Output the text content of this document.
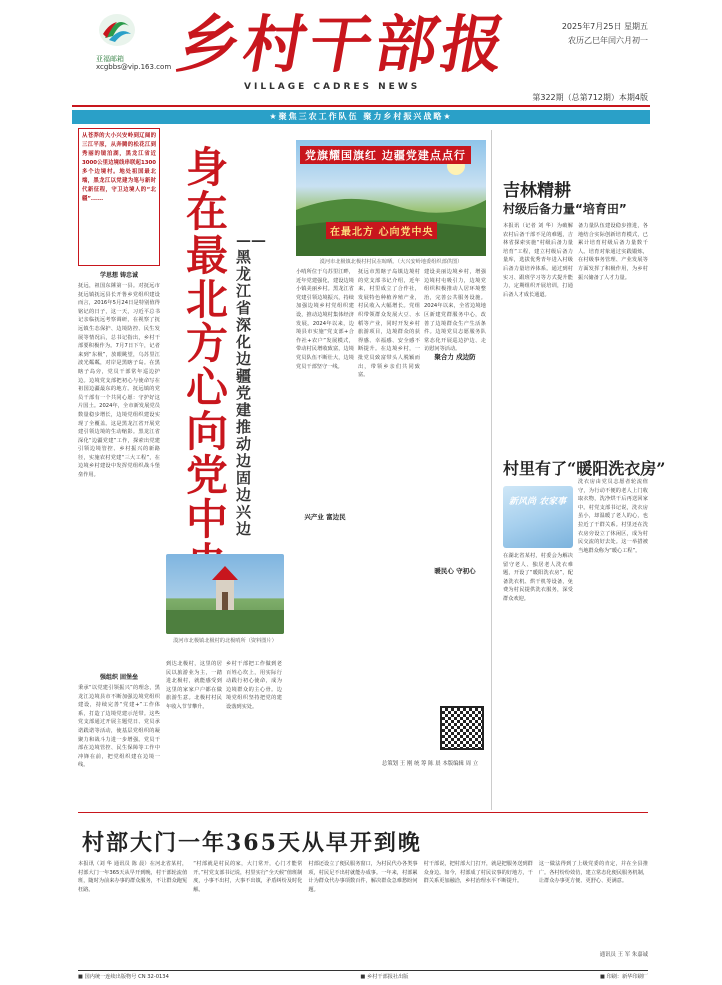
亚福邮箱
xcgbbs@vip.163.com 乡村干部报
VILLAGE CADRES NEWS
2025年7月25日 星期五
农历乙巳年闰六月初一
第322期（总第712期）本期4版
★聚焦三农工作队伍 聚力乡村振兴战略★
从苍莽的大小兴安岭到辽阔的三江平原，从奔腾的松花江到秀丽的镜泊湖，黑龙江省近3000公里边境线串联起1300多个边境村。地处祖国最北端，黑龙江以党建为笔与新时代新征程，守卫边境人的“北疆”......
学思想 铸忠诚
抚远，祖国东陲第一县。对抚远市抚远镇抚远县长开鲁乡党组织建设而言，2016年5月24日是特别值得铭记的日子，这一天，习近平总书记亲临抚远考察调研，在视察了抚远镇生态保护、边境防控、民生发展等情况后，总书记指出，乡村干部要积极作为。7月7日下午，记者来到“东极”，放眼眺望，乌苏里江波光粼粼，对岸是黑瞎子岛。在黑瞎子岛旁，党员干部常年巡边护边。边境党支部把初心与使命写在祖国边疆最东的地方。抚远镇的党员干部有一个共同心愿：守护好这片国土。2024年，全市新发展党员数量稳步增长，边境党组织建设实现了全覆盖。这是黑龙江省开展党建引领边境的生动缩影。黑龙江省深化“边疆党建”工作，探索出党建引领边境管控、乡村振兴的新路径，实施农村党建“三大工程”，在边境乡村建设中发挥党组织战斗堡垒作用。
强组织 固堡垒
秉承“以党建引领振兴”的理念，黑龙江边境县市不断加强边境党组织建设，持续完善“党建+”工作体系，打造了边境党建示范带。这些党支部通过开展主题党日、党员承诺践诺等活动，使基层党组织的凝聚力和战斗力进一步增强。党员干部在边境管控、民生保障等工作中冲锋在前，把党组织建在边境一线。
身在最北方 心向党中
——黑龙江省深化边疆党建推动边固边兴边
漠河市北极镇北极村的北极哨所（资料图片）
到达北极村，这里的居民以旅游业为主，一踏进北极村，就能感受到这里的家家户户都在做旅游生意。北极村村民年收入节节攀升。
乡村干部把工作做到老百姓心坎上，用实际行动践行初心使命，成为边境群众的主心骨。边境党组织坚持把党的建设落到实处。
党旗耀国旗红 边疆党建点点行
在最北方 心向党中央
漠河市北极镇北极村村民在晾晒。（大兴安岭地委组织部供图）
小哨所位于乌苏里江畔，近年党建强化，建设边境小镇美丽乡村。黑龙江省党建引领边境振兴，持续加强边境乡村党组织建设，推动边境村集体经济发展。2024年以来，边境县市实施“党支部+合作社+农户”发展模式，带动村民增收致富，边境党员队伍不断壮大，边境党员干部坚守一线。
兴产业 富边民
抚远市黑瞎子岛镇边境村的党支部书记介绍，近年来，村里成立了合作社，发展特色种植养殖产业，村民收入大幅增长。党组织带领群众发展大豆、水稻等产业，同时开发乡村旅游项目，边境群众的获得感、幸福感、安全感不断提升。在边境乡村，一批党员致富带头人脱颖而出，带领乡亲们共同致富。
建设美丽边境乡村，增强边境村屯吸引力，边境党组织积极推动人居环境整治，完善公共服务设施。2024年以来，全省边境地区新建党群服务中心，改善了边境群众生产生活条件。边境党员志愿服务队常态化开展巡边护边、走访慰问等活动。
聚合力 戍边防
暖民心 守初心
总策划 王 刚 统 筹 陈 晨 本版编辑 周 立
吉林精耕
村级后备力量“培育田”
本报讯（记者 刘 华）为破解农村后备干部不足的难题，吉林省探索实施“村级后备力量培育”工程，建立村级后备力量库，选拔优秀青年进入村级后备力量培养体系。通过到村实习、跟班学习等方式提升能力，定期组织开展培训，打通后备人才成长通道。
备力量队伍建设稳步推进，各地结合实际创新培育模式，已累计培育村级后备力量数千人。培育对象通过实践锻炼，在村级事务管理、产业发展等方面发挥了积极作用，为乡村振兴储备了人才力量。
村里有了“暖阳洗衣房”
新风尚 农家事
在湖北省某村，村委会为解决留守老人、独居老人洗衣难题，开设了“暖阳洗衣房”，配备洗衣机、烘干机等设备，免费为村民提供洗衣服务，深受群众欢迎。
洗衣房由党员志愿者轮流值守，为行动不便的老人上门收取衣物，洗净烘干后再送回家中。村党支部书记说，洗衣房虽小，却温暖了老人的心，也拉近了干群关系。村里还在洗衣房旁设立了休闲区，成为村民交流的好去处。这一举措被当地群众称为“暖心工程”。
村部大门一年365天从早开到晚
本报讯（刘 华 通讯员 陈 晨）在河北省某村，村部大门一年365天从早开到晚，村干部轮流值班，随时为前来办事的群众服务，不让群众跑冤枉路。
“村部就是村民的家，大门常开，心门才能常开。”村党支部书记说，村里实行“全天候”值班制度，小事不出村，大事不出镇，矛盾纠纷及时化解。
村部还设立了便民服务窗口，为村民代办各类事项，村民足不出村就能办成事。一年来，村部累计为群众代办事项数百件，解决群众急难愁盼问题。
村干部说，把村部大门打开，就是把服务送到群众身边。如今，村部成了村民议事的好地方，干群关系更加融洽，乡村治理水平不断提升。
这一做法得到了上级党委的肯定，并在全县推广。各村纷纷效仿，建立常态化便民服务机制，让群众办事更方便、更舒心、更满意。
通讯员 王 军 朱嘉诚
■ 国内统一连续出版物号 CN 32-0134	■ 乡村干部报社出版	■ 印刷：新华印刷厂
